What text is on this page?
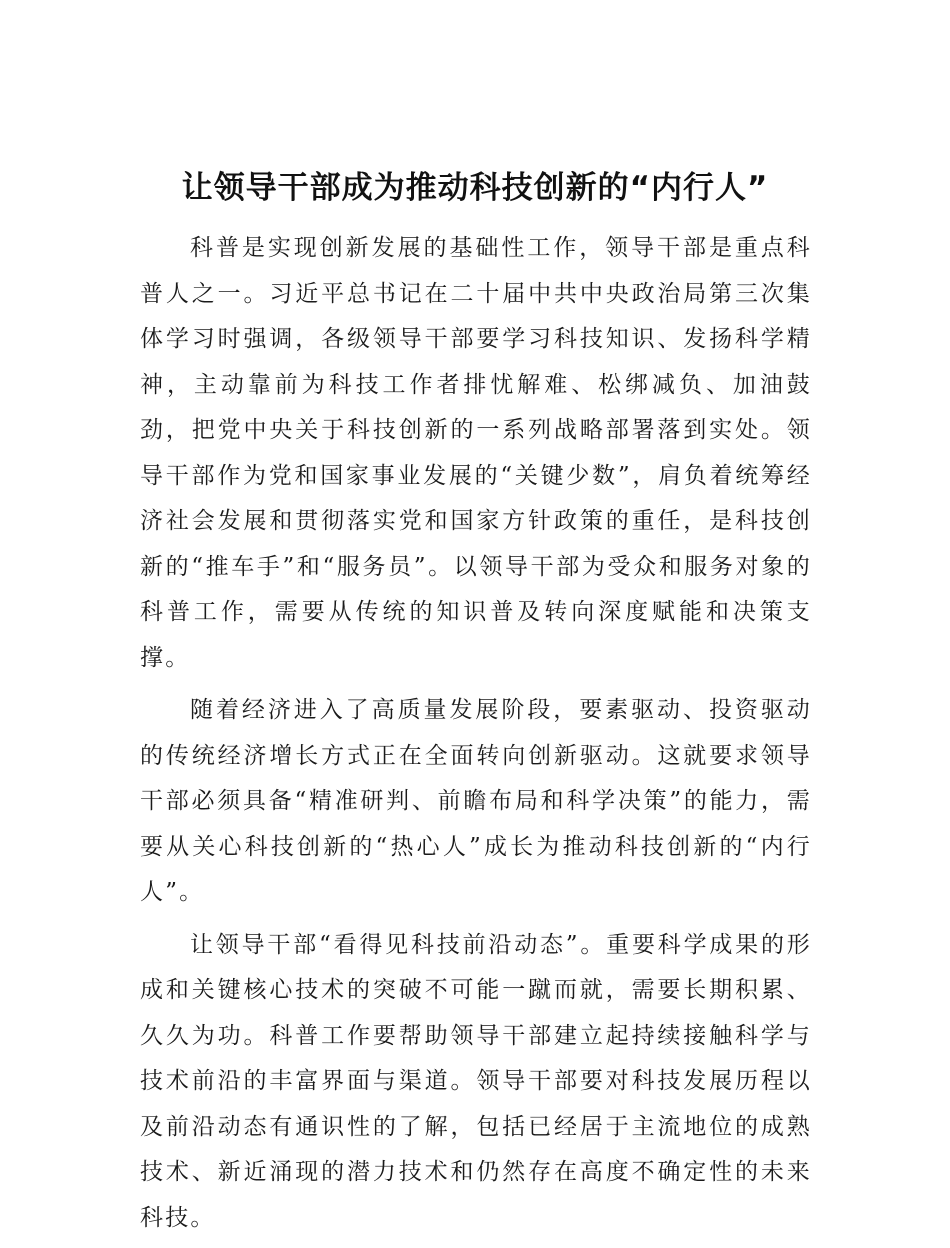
让领导干部成为推动科技创新的“内行人”

科普是实现创新发展的基础性工作，领导干部是重点科普人之一。习近平总书记在二十届中共中央政治局第三次集体学习时强调，各级领导干部要学习科技知识、发扬科学精神，主动靠前为科技工作者排忧解难、松绑减负、加油鼓劲，把党中央关于科技创新的一系列战略部署落到实处。领导干部作为党和国家事业发展的“关键少数”，肩负着统筹经济社会发展和贯彻落实党和国家方针政策的重任，是科技创新的“推车手”和“服务员”。以领导干部为受众和服务对象的科普工作，需要从传统的知识普及转向深度赋能和决策支撑。

随着经济进入了高质量发展阶段，要素驱动、投资驱动的传统经济增长方式正在全面转向创新驱动。这就要求领导干部必须具备“精准研判、前瞻布局和科学决策”的能力，需要从关心科技创新的“热心人”成长为推动科技创新的“内行人”。

让领导干部“看得见科技前沿动态”。重要科学成果的形成和关键核心技术的突破不可能一蹴而就，需要长期积累、久久为功。科普工作要帮助领导干部建立起持续接触科学与技术前沿的丰富界面与渠道。领导干部要对科技发展历程以及前沿动态有通识性的了解，包括已经居于主流地位的成熟技术、新近涌现的潜力技术和仍然存在高度不确定性的未来科技。
